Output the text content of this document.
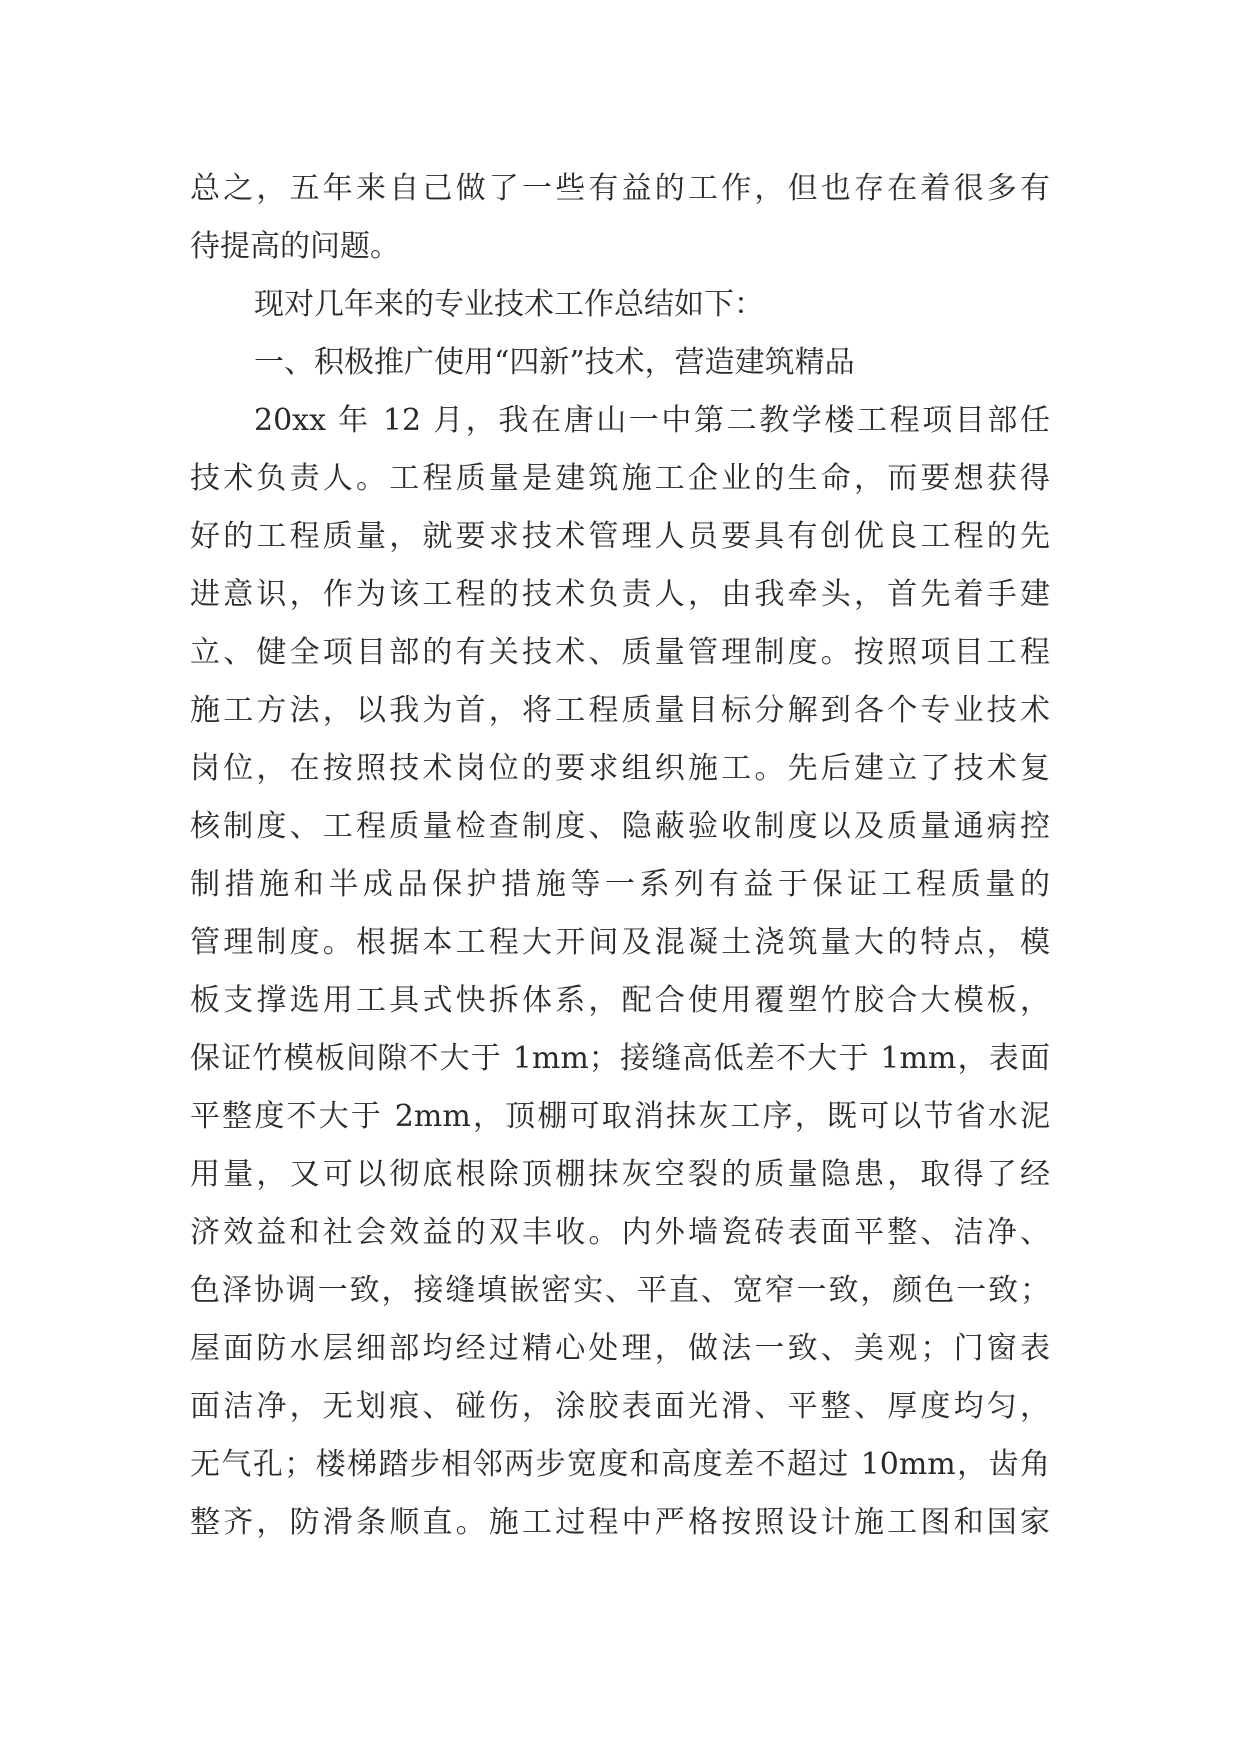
总之，五年来自己做了一些有益的工作，但也存在着很多有
待提高的问题。
现对几年来的专业技术工作总结如下：
一、积极推广使用“四新”技术，营造建筑精品
20xx 年 12 月，我在唐山一中第二教学楼工程项目部任
技术负责人。工程质量是建筑施工企业的生命，而要想获得
好的工程质量，就要求技术管理人员要具有创优良工程的先
进意识，作为该工程的技术负责人，由我牵头，首先着手建
立、健全项目部的有关技术、质量管理制度。按照项目工程
施工方法，以我为首，将工程质量目标分解到各个专业技术
岗位，在按照技术岗位的要求组织施工。先后建立了技术复
核制度、工程质量检查制度、隐蔽验收制度以及质量通病控
制措施和半成品保护措施等一系列有益于保证工程质量的
管理制度。根据本工程大开间及混凝土浇筑量大的特点，模
板支撑选用工具式快拆体系，配合使用覆塑竹胶合大模板，
保证竹模板间隙不大于 1mm；接缝高低差不大于 1mm，表面
平整度不大于 2mm，顶棚可取消抹灰工序，既可以节省水泥
用量，又可以彻底根除顶棚抹灰空裂的质量隐患，取得了经
济效益和社会效益的双丰收。内外墙瓷砖表面平整、洁净、
色泽协调一致，接缝填嵌密实、平直、宽窄一致，颜色一致；
屋面防水层细部均经过精心处理，做法一致、美观；门窗表
面洁净，无划痕、碰伤，涂胶表面光滑、平整、厚度均匀，
无气孔；楼梯踏步相邻两步宽度和高度差不超过 10mm，齿角
整齐，防滑条顺直。施工过程中严格按照设计施工图和国家
